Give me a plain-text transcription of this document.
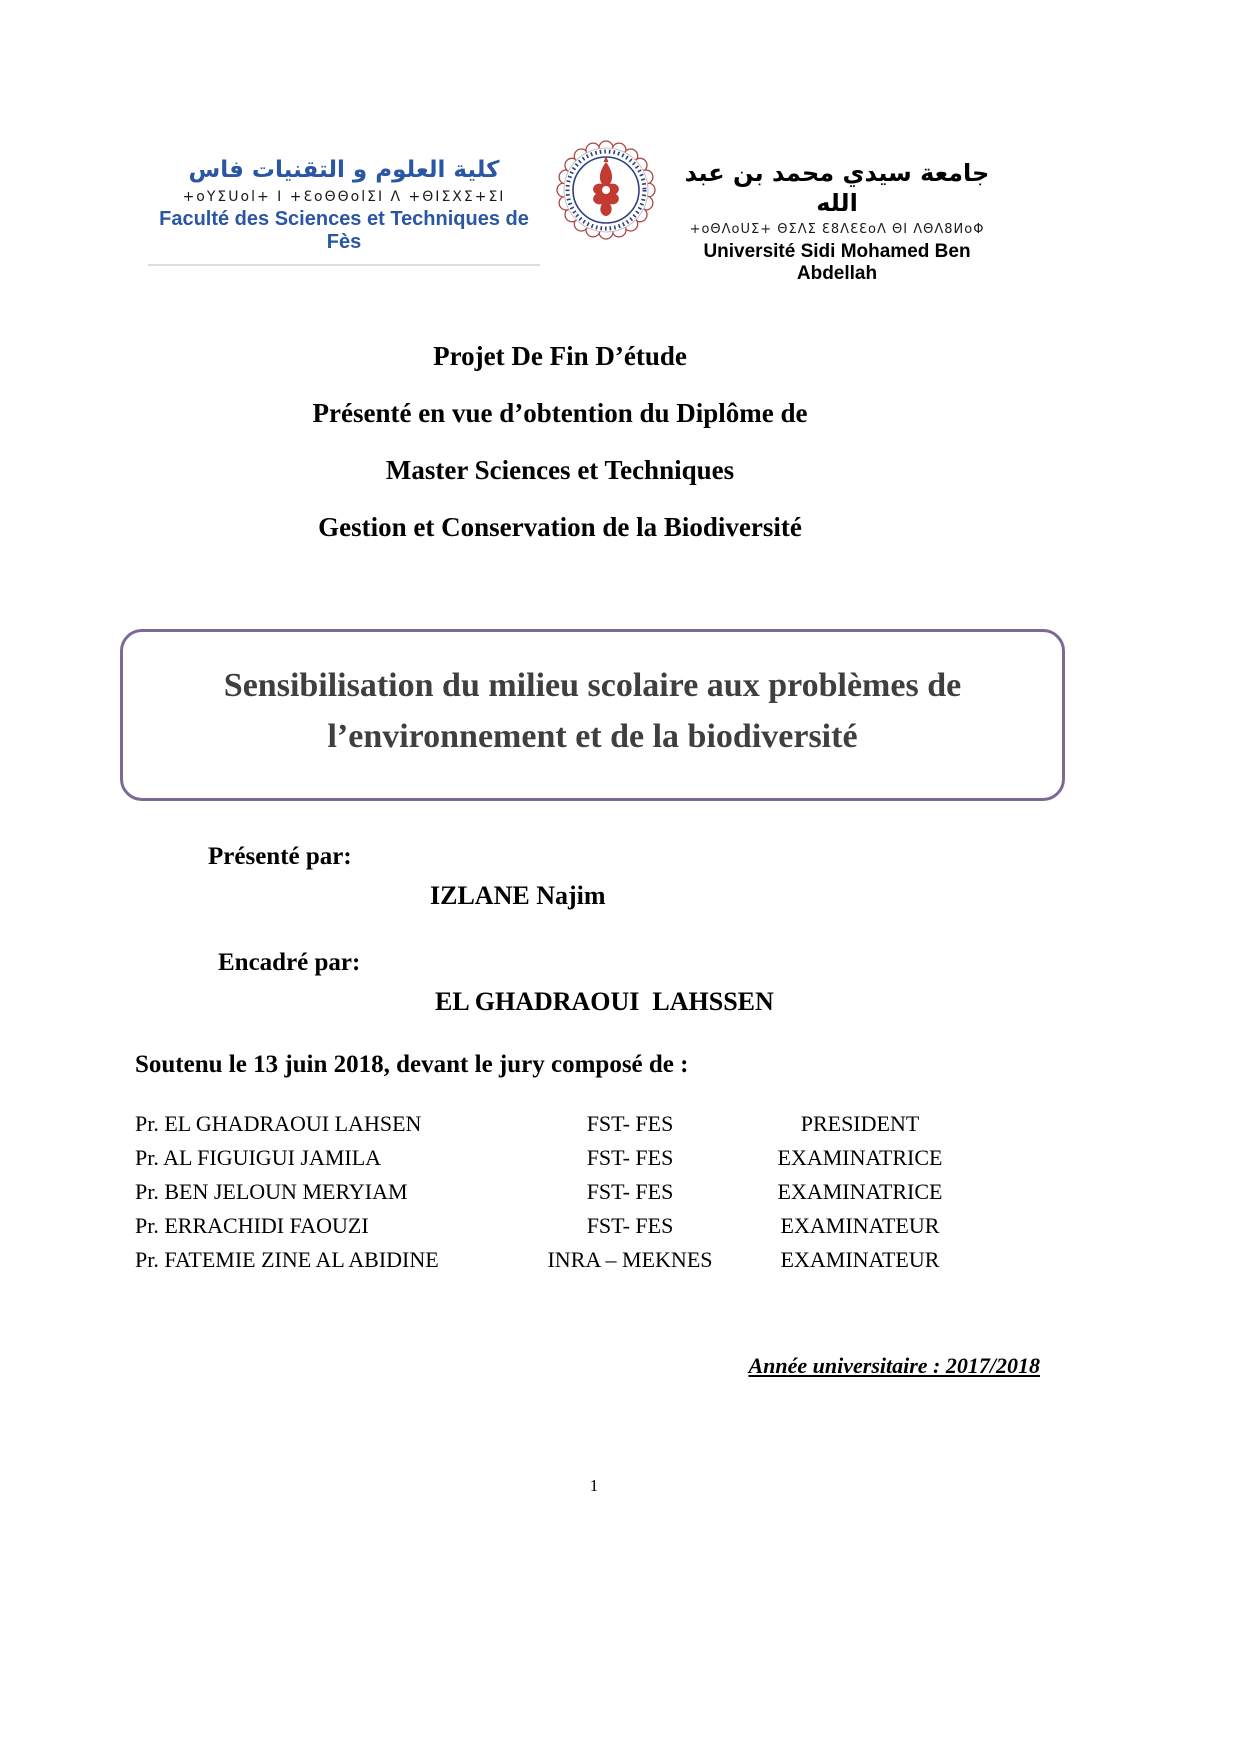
كلية العلوم و التقنيات فاس
+oYΣUol+ I +ƐoΘΘolΣI Λ +ΘIΣXΣ+ΣI
Faculté des Sciences et Techniques de Fès
جامعة سيدي محمد بن عبد الله
+oΘΛoUΣ+ ΘΣΛΣ Ɛ8ΛƐƐoΛ ΘI ΛΘΛ8ИoΦ
Université Sidi Mohamed Ben Abdellah

Projet De Fin D’étude

Présenté en vue d’obtention du Diplôme de

Master Sciences et Techniques

Gestion et Conservation de la Biodiversité

Sensibilisation du milieu scolaire aux problèmes de l’environnement et de la biodiversité
Présenté par:
IZLANE Najim
Encadré par:
EL GHADRAOUI  LAHSSEN
Soutenu le 13 juin 2018, devant le jury composé de :
Pr. EL GHADRAOUI LAHSEN	FST- FES	PRESIDENT
Pr. AL FIGUIGUI JAMILA	FST- FES	EXAMINATRICE
Pr. BEN JELOUN MERYIAM	FST- FES	EXAMINATRICE
Pr. ERRACHIDI FAOUZI	FST- FES	EXAMINATEUR
Pr. FATEMIE ZINE AL ABIDINE	INRA – MEKNES	EXAMINATEUR
Année universitaire : 2017/2018
1
